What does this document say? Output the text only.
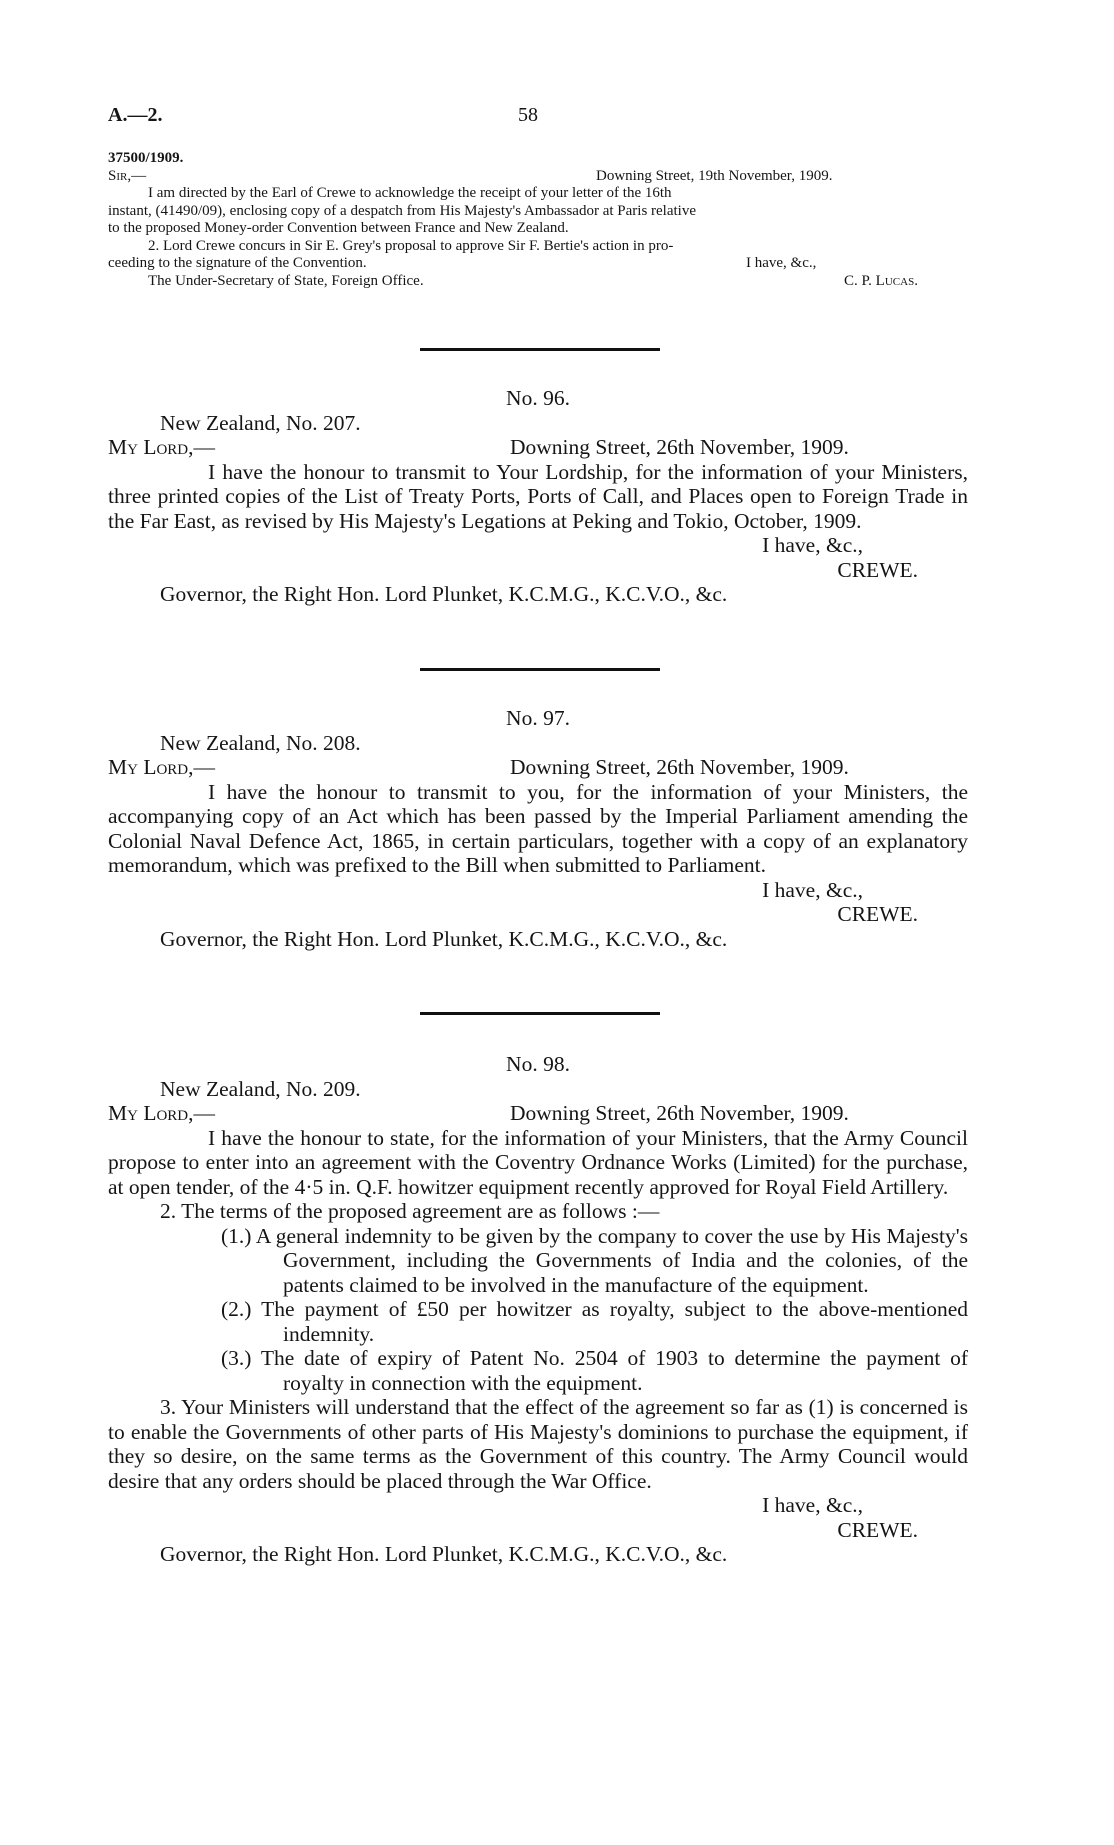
A.—2.	58
37500/1909.
Sir,—	Downing Street, 19th November, 1909.
I am directed by the Earl of Crewe to acknowledge the receipt of your letter of the 16th
instant, (41490/09), enclosing copy of a despatch from His Majesty's Ambassador at Paris relative
to the proposed Money-order Convention between France and New Zealand.
2. Lord Crewe concurs in Sir E. Grey's proposal to approve Sir F. Bertie's action in pro-
ceeding to the signature of the Convention.	I have, &c.,
The Under-Secretary of State, Foreign Office.	C. P. Lucas.
No. 96.
New Zealand, No. 207.
My Lord,—	Downing Street, 26th November, 1909.
I have the honour to transmit to Your Lordship, for the information of your Ministers, three printed copies of the List of Treaty Ports, Ports of Call, and Places open to Foreign Trade in the Far East, as revised by His Majesty's Legations at Peking and Tokio, October, 1909.
I have, &c.,
CREWE.
Governor, the Right Hon. Lord Plunket, K.C.M.G., K.C.V.O., &c.
No. 97.
New Zealand, No. 208.
My Lord,—	Downing Street, 26th November, 1909.
I have the honour to transmit to you, for the information of your Ministers, the accompanying copy of an Act which has been passed by the Imperial Parliament amending the Colonial Naval Defence Act, 1865, in certain particulars, together with a copy of an explanatory memorandum, which was prefixed to the Bill when submitted to Parliament.
I have, &c.,
CREWE.
Governor, the Right Hon. Lord Plunket, K.C.M.G., K.C.V.O., &c.
No. 98.
New Zealand, No. 209.
My Lord,—	Downing Street, 26th November, 1909.
I have the honour to state, for the information of your Ministers, that the Army Council propose to enter into an agreement with the Coventry Ordnance Works (Limited) for the purchase, at open tender, of the 4·5 in. Q.F. howitzer equipment recently approved for Royal Field Artillery.
2. The terms of the proposed agreement are as follows :—
(1.) A general indemnity to be given by the company to cover the use by His Majesty's Government, including the Governments of India and the colonies, of the patents claimed to be involved in the manufacture of the equipment.
(2.) The payment of £50 per howitzer as royalty, subject to the above-mentioned indemnity.
(3.) The date of expiry of Patent No. 2504 of 1903 to determine the payment of royalty in connection with the equipment.
3. Your Ministers will understand that the effect of the agreement so far as (1) is concerned is to enable the Governments of other parts of His Majesty's dominions to purchase the equipment, if they so desire, on the same terms as the Government of this country. The Army Council would desire that any orders should be placed through the War Office.
I have, &c.,
CREWE.
Governor, the Right Hon. Lord Plunket, K.C.M.G., K.C.V.O., &c.
